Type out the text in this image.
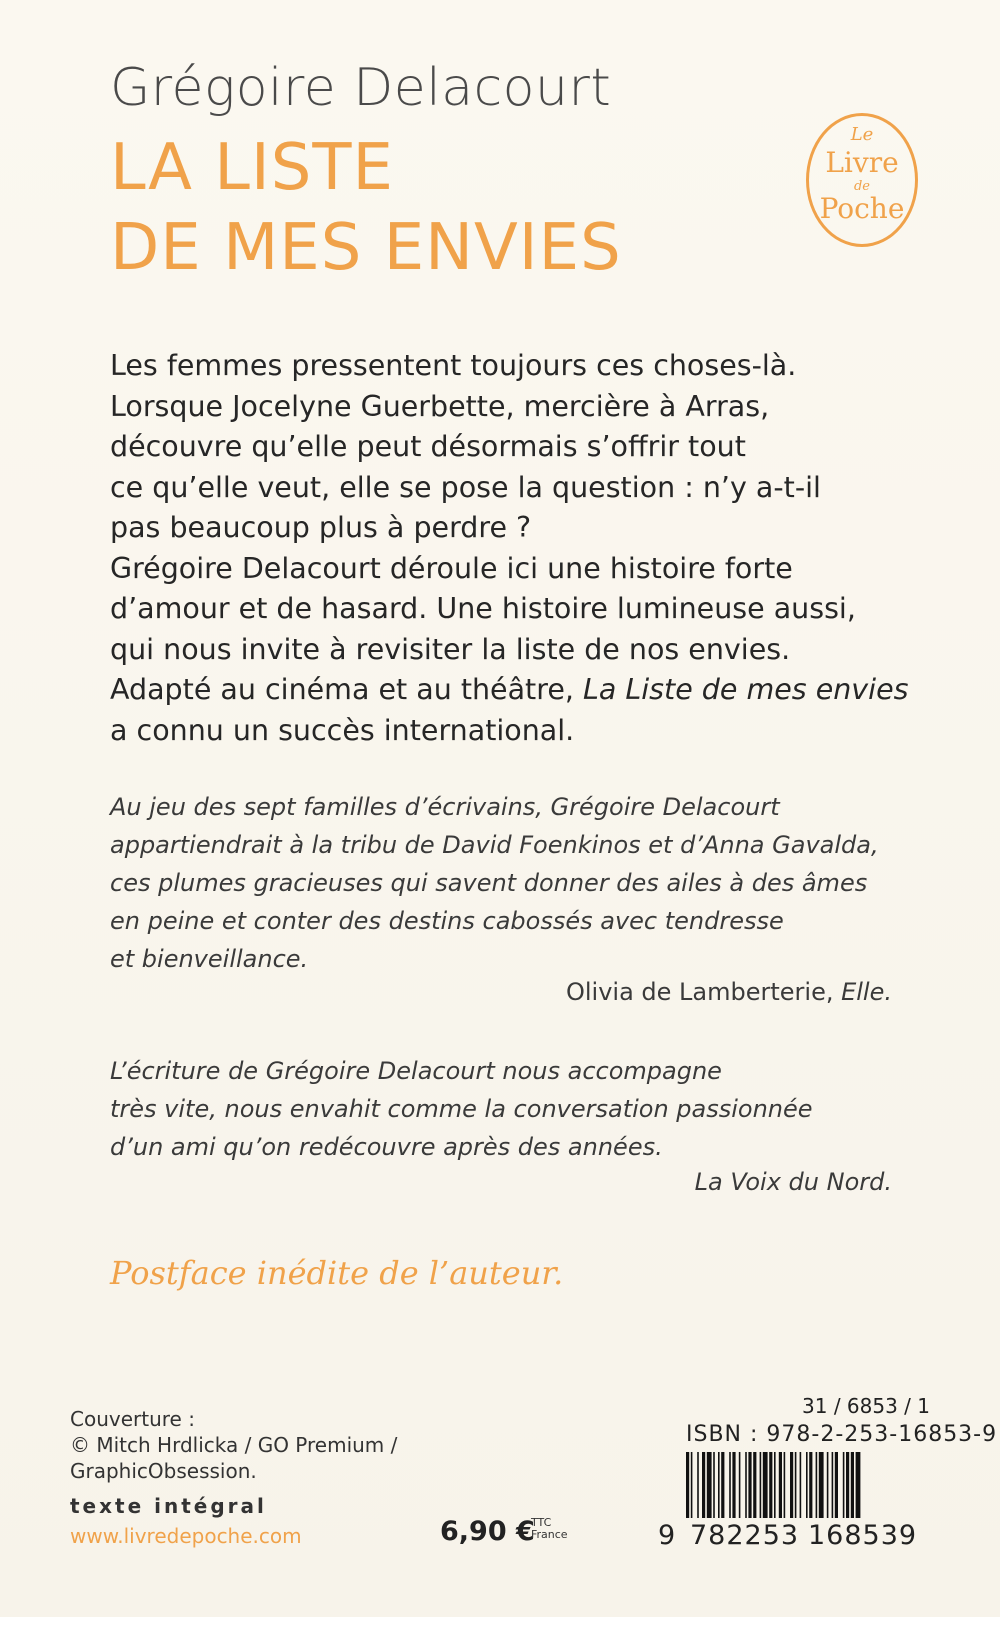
Grégoire Delacourt
LA LISTE
DE MES ENVIES
Le
Livre
de
Poche
Les femmes pressentent toujours ces choses-là.
Lorsque Jocelyne Guerbette, mercière à Arras,
découvre qu’elle peut désormais s’offrir tout
ce qu’elle veut, elle se pose la question : n’y a-t-il
pas beaucoup plus à perdre ?
Grégoire Delacourt déroule ici une histoire forte
d’amour et de hasard. Une histoire lumineuse aussi,
qui nous invite à revisiter la liste de nos envies.
Adapté au cinéma et au théâtre, La Liste de mes envies
a connu un succès international.
Au jeu des sept familles d’écrivains, Grégoire Delacourt
appartiendrait à la tribu de David Foenkinos et d’Anna Gavalda,
ces plumes gracieuses qui savent donner des ailes à des âmes
en peine et conter des destins cabossés avec tendresse
et bienveillance.
Olivia de Lamberterie, Elle.
L’écriture de Grégoire Delacourt nous accompagne
très vite, nous envahit comme la conversation passionnée
d’un ami qu’on redécouvre après des années.
La Voix du Nord.
Postface inédite de l’auteur.
Couverture :
© Mitch Hrdlicka / GO Premium /
GraphicObsession.
texte intégral
www.livredepoche.com	6,90 €
TTC
France
31 / 6853 / 1
ISBN : 978-2-253-16853-9
9 782253 168539
